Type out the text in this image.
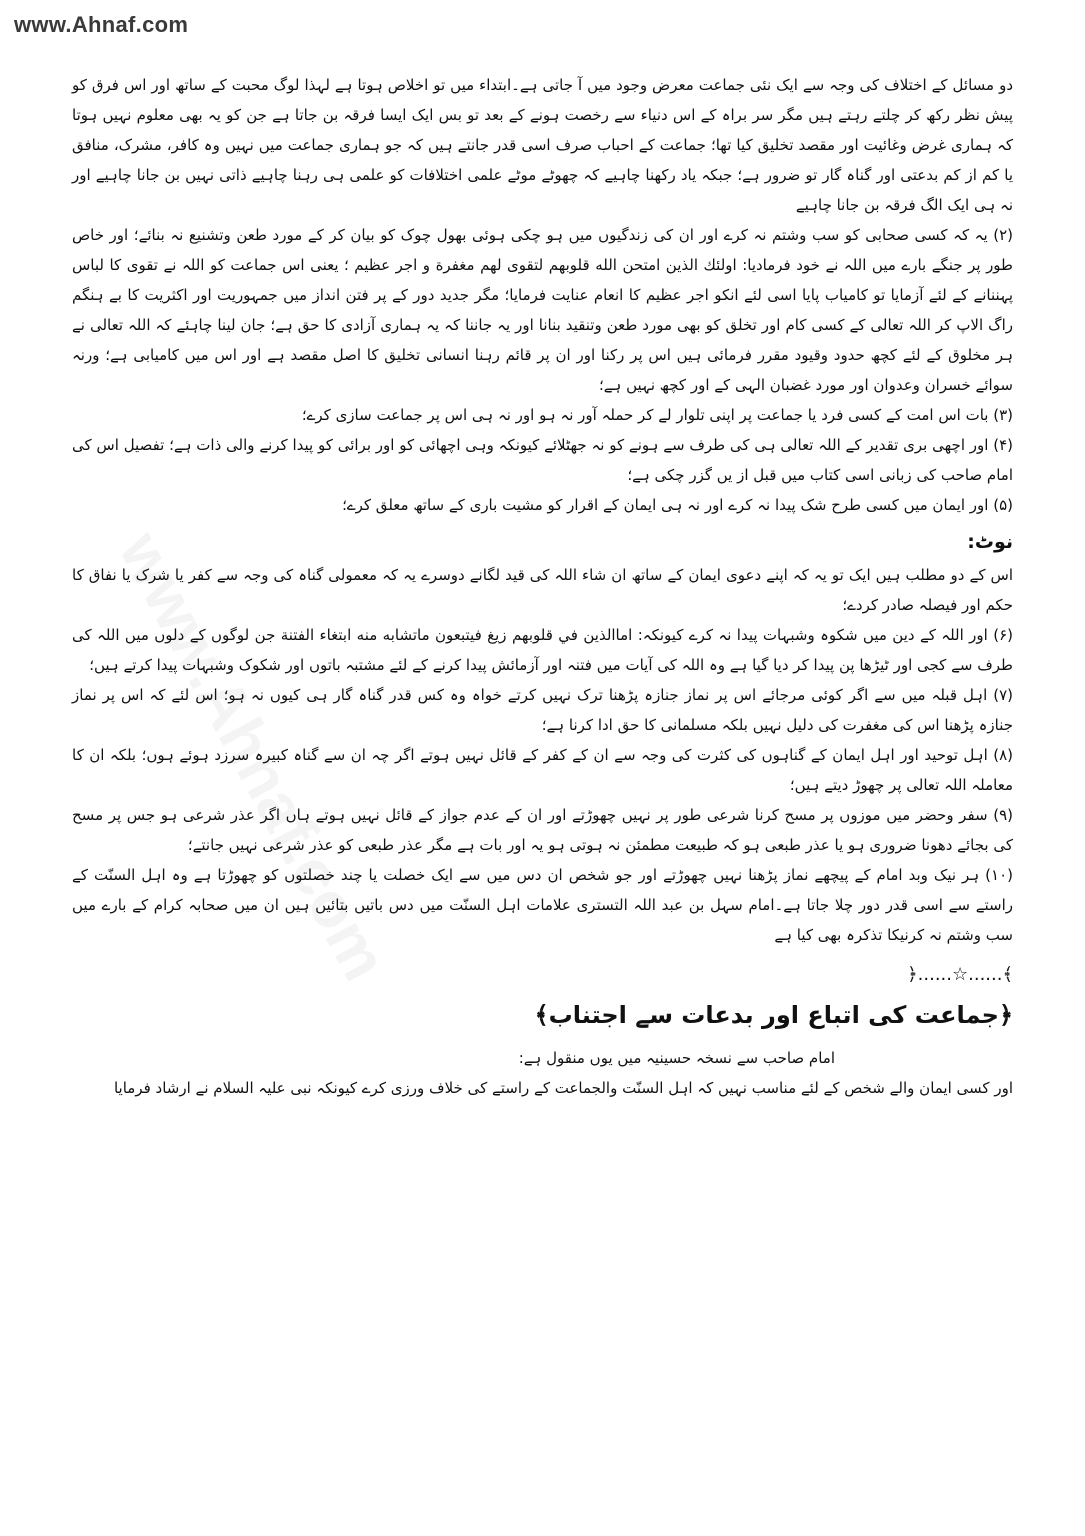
www.Ahnaf.com

دو مسائل کے اختلاف کی وجہ سے ایک نئی جماعت معرض وجود میں آ جاتی ہے۔ابتداء میں تو اخلاص ہوتا ہے لہذا لوگ محبت کے ساتھ اور اس فرق کو پیش نظر رکھ کر چلتے رہتے ہیں مگر سر براہ کے اس دنیاء سے رخصت ہونے کے بعد تو بس ایک ایسا فرقہ بن جاتا ہے جن کو یہ بھی معلوم نہیں ہوتا کہ ہماری غرض وغائیت اور مقصد تخلیق کیا تھا؛ جماعت کے احباب صرف اسی قدر جانتے ہیں کہ جو ہماری جماعت میں نہیں وہ کافر، مشرک، منافق یا کم از کم بدعتی اور گناہ گار تو ضرور ہے؛ جبکہ یاد رکھنا چاہیے کہ چھوٹے موٹے علمی اختلافات کو علمی ہی رہنا چاہیے ذاتی نہیں بن جانا چاہیے اور نہ ہی ایک الگ فرقہ بن جانا چاہیے

(۲) یہ کہ کسی صحابی کو سب وشتم نہ کرے اور ان کی زندگیوں میں ہو چکی ہوئی بھول چوک کو بیان کر کے مورد طعن وتشنیع نہ بنائے؛ اور خاص طور پر جنگے بارے میں اللہ نے خود فرمادیا: اولئك الذين امتحن الله قلوبهم لتقوى لهم مغفرة و اجر عظيم ؛ یعنی اس جماعت کو اللہ نے تقوی کا لباس پہننانے کے لئے آزمایا تو کامیاب پایا اسی لئے انکو اجر عظیم کا انعام عنایت فرمایا؛ مگر جدید دور کے پر فتن انداز میں جمہوریت اور اکثریت کا بے ہنگم راگ الاپ کر اللہ تعالی کے کسی کام اور تخلق کو بھی مورد طعن وتنقید بنانا اور یہ جاننا کہ یہ ہماری آزادی کا حق ہے؛ جان لینا چاہئے کہ اللہ تعالی نے ہر مخلوق کے لئے کچھ حدود وقیود مقرر فرمائی ہیں اس پر رکنا اور ان پر قائم رہنا انسانی تخلیق کا اصل مقصد ہے اور اس میں کامیابی ہے؛ ورنہ سوائے خسران وعدوان اور مورد غضبان الہی کے اور کچھ نہیں ہے؛

(۳) بات اس امت کے کسی فرد یا جماعت پر اپنی تلوار لے کر حملہ آور نہ ہو اور نہ ہی اس پر جماعت سازی کرے؛

(۴) اور اچھی بری تقدیر کے اللہ تعالی ہی کی طرف سے ہونے کو نہ جھٹلائے کیونکہ وہی اچھائی کو اور برائی کو پیدا کرنے والی ذات ہے؛ تفصیل اس کی امام صاحب کی زبانی اسی کتاب میں قبل از یں گزر چکی ہے؛

(۵) اور ایمان میں کسی طرح شک پیدا نہ کرے اور نہ ہی ایمان کے اقرار کو مشیت باری کے ساتھ معلق کرے؛

نوٹ:

اس کے دو مطلب ہیں ایک تو یہ کہ اپنے دعوی ایمان کے ساتھ ان شاء اللہ کی قید لگانے دوسرے یہ کہ معمولی گناہ کی وجہ سے کفر یا شرک یا نفاق کا حکم اور فیصلہ صادر کردے؛

(۶) اور اللہ کے دین میں شکوہ وشبہات پیدا نہ کرے کیونکہ: اماالذين في قلوبهم زيغ فيتبعون ماتشابه منه ابتغاء الفتنة جن لوگوں کے دلوں میں اللہ کی طرف سے کجی اور ٹیڑھا پن پیدا کر دیا گیا ہے وہ اللہ کی آیات میں فتنہ اور آزمائش پیدا کرنے کے لئے مشتبہ باتوں اور شکوک وشبہات پیدا کرتے ہیں؛

(۷) اہل قبلہ میں سے اگر کوئی مرجائے اس پر نماز جنازہ پڑھنا ترک نہیں کرتے خواہ وہ کس قدر گناہ گار ہی کیوں نہ ہو؛ اس لئے کہ اس پر نماز جنازہ پڑھنا اس کی مغفرت کی دلیل نہیں بلکہ مسلمانی کا حق ادا کرنا ہے؛

(۸) اہل توحید اور اہل ایمان کے گناہوں کی کثرت کی وجہ سے ان کے کفر کے قائل نہیں ہوتے اگر چہ ان سے گناہ کبیرہ سرزد ہوئے ہوں؛ بلکہ ان کا معاملہ اللہ تعالی پر چھوڑ دیتے ہیں؛

(۹) سفر وحضر میں موزوں پر مسح کرنا شرعی طور پر نہیں چھوڑتے اور ان کے عدم جواز کے قائل نہیں ہوتے ہاں اگر عذر شرعی ہو جس پر مسح کی بجائے دھونا ضروری ہو یا عذر طبعی ہو کہ طبیعت مطمئن نہ ہوتی ہو یہ اور بات ہے مگر عذر طبعی کو عذر شرعی نہیں جانتے؛

(۱۰) ہر نیک وبد امام کے پیچھے نماز پڑھنا نہیں چھوڑتے اور جو شخص ان دس میں سے ایک خصلت یا چند خصلتوں کو چھوڑتا ہے وہ اہل السنّت کے راستے سے اسی قدر دور چلا جاتا ہے۔امام سہل بن عبد اللہ التستری علامات اہل السنّت میں دس باتیں بتائیں ہیں ان میں صحابہ کرام کے بارے میں سب وشتم نہ کرنیکا تذکرہ بھی کیا ہے

﴿......☆......﴾
﴿جماعت کی اتباع اور بدعات سے اجتناب﴾

امام صاحب سے نسخہ حسینیہ میں یوں منقول ہے:

اور کسی ایمان والے شخص کے لئے مناسب نہیں کہ اہل السنّت والجماعت کے راستے کی خلاف ورزی کرے کیونکہ نبی علیہ السلام نے ارشاد فرمایا
